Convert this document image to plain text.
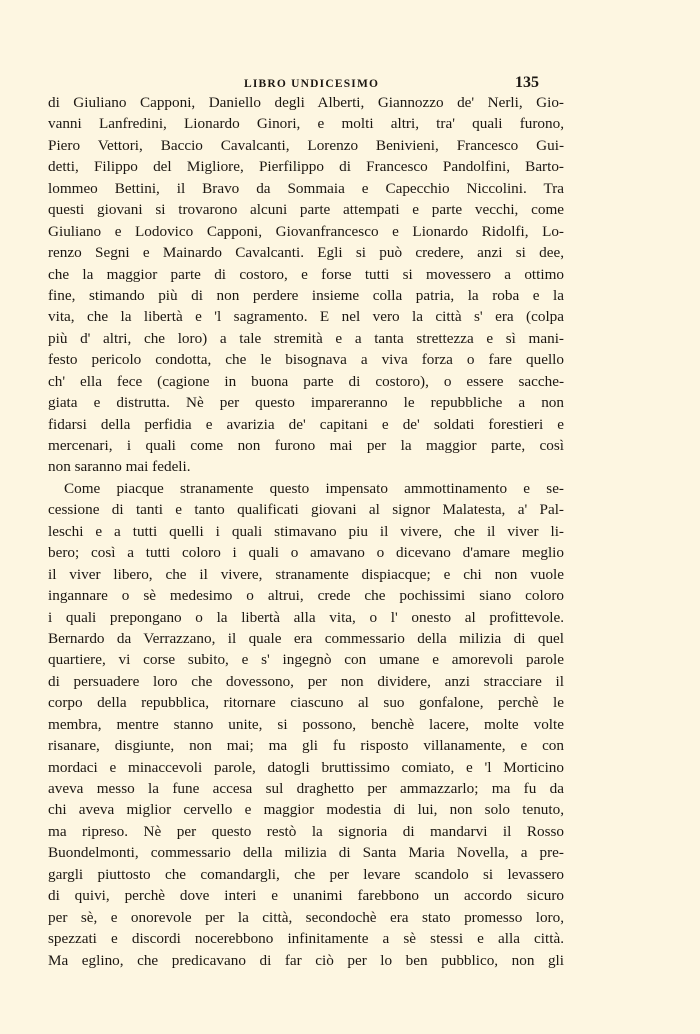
LIBRO UNDICESIMO	135
di Giuliano Capponi, Daniello degli Alberti, Giannozzo de' Nerli, Gio-
vanni Lanfredini, Lionardo Ginori, e molti altri, tra' quali furono,
Piero Vettori, Baccio Cavalcanti, Lorenzo Benivieni, Francesco Gui-
detti, Filippo del Migliore, Pierfilippo di Francesco Pandolfini, Barto-
lommeo Bettini, il Bravo da Sommaia e Capecchio Niccolini. Tra
questi giovani si trovarono alcuni parte attempati e parte vecchi, come
Giuliano e Lodovico Capponi, Giovanfrancesco e Lionardo Ridolfi, Lo-
renzo Segni e Mainardo Cavalcanti. Egli si può credere, anzi si dee,
che la maggior parte di costoro, e forse tutti si movessero a ottimo
fine, stimando più di non perdere insieme colla patria, la roba e la
vita, che la libertà e 'l sagramento. E nel vero la città s' era (colpa
più d' altri, che loro) a tale stremità e a tanta strettezza e sì mani-
festo pericolo condotta, che le bisognava a viva forza o fare quello
ch' ella fece (cagione in buona parte di costoro), o essere sacche-
giata e distrutta. Nè per questo impareranno le repubbliche a non
fidarsi della perfidia e avarizia de' capitani e de' soldati forestieri e
mercenari, i quali come non furono mai per la maggior parte, così
non saranno mai fedeli.
Come piacque stranamente questo impensato ammottinamento e se-
cessione di tanti e tanto qualificati giovani al signor Malatesta, a' Pal-
leschi e a tutti quelli i quali stimavano piu il vivere, che il viver li-
bero; così a tutti coloro i quali o amavano o dicevano d'amare meglio
il viver libero, che il vivere, stranamente dispiacque; e chi non vuole
ingannare o sè medesimo o altrui, crede che pochissimi siano coloro
i quali prepongano o la libertà alla vita, o l' onesto al profittevole.
Bernardo da Verrazzano, il quale era commessario della milizia di quel
quartiere, vi corse subito, e s' ingegnò con umane e amorevoli parole
di persuadere loro che dovessono, per non dividere, anzi stracciare il
corpo della repubblica, ritornare ciascuno al suo gonfalone, perchè le
membra, mentre stanno unite, si possono, benchè lacere, molte volte
risanare, disgiunte, non mai; ma gli fu risposto villanamente, e con
mordaci e minaccevoli parole, datogli bruttissimo comiato, e 'l Morticino
aveva messo la fune accesa sul draghetto per ammazzarlo; ma fu da
chi aveva miglior cervello e maggior modestia di lui, non solo tenuto,
ma ripreso. Nè per questo restò la signoria di mandarvi il Rosso
Buondelmonti, commessario della milizia di Santa Maria Novella, a pre-
gargli piuttosto che comandargli, che per levare scandolo si levassero
di quivi, perchè dove interi e unanimi farebbono un accordo sicuro
per sè, e onorevole per la città, secondochè era stato promesso loro,
spezzati e discordi nocerebbono infinitamente a sè stessi e alla città.
Ma eglino, che predicavano di far ciò per lo ben pubblico, non gli
